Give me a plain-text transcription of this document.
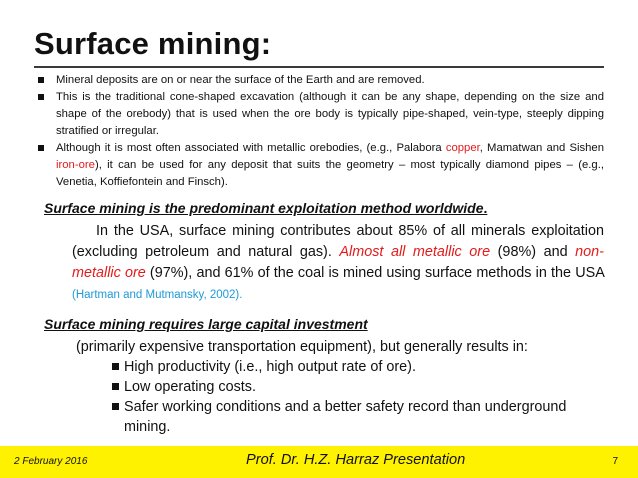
Surface mining:

Mineral deposits are on or near the surface of the Earth and are removed.

This is the traditional cone-shaped excavation (although it can be any shape, depending on the size and shape of the orebody) that is used when the ore body is typically pipe-shaped, vein-type, steeply dipping stratified or irregular.

Although it is most often associated with metallic orebodies, (e.g., Palabora copper, Mamatwan and Sishen iron-ore), it can be used for any deposit that suits the geometry – most typically diamond pipes – (e.g., Venetia, Koffiefontein and Finsch).

Surface mining is the predominant exploitation method worldwide.
In the USA, surface mining contributes about 85% of all minerals exploitation (excluding petroleum and natural gas). Almost all metallic ore (98%) and non-metallic ore (97%), and 61% of the coal is mined using surface methods in the USA (Hartman and Mutmansky, 2002).
Surface mining requires large capital investment
(primarily expensive transportation equipment), but generally results in:
High productivity (i.e., high output rate of ore).
Low operating costs.
Safer working conditions and a better safety record than underground mining.
2 February 2016	Prof. Dr. H.Z. Harraz Presentation	7
